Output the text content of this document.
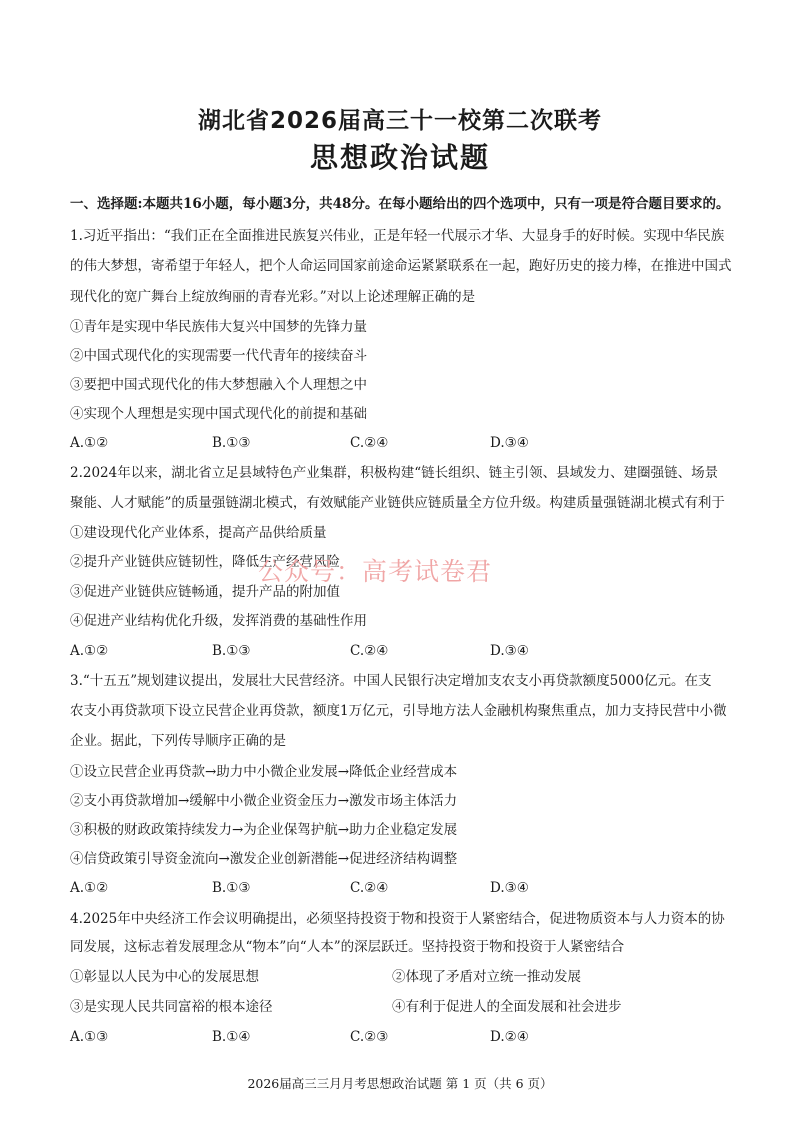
湖北省2026届高三十一校第二次联考
思想政治试题
一、选择题:本题共16小题，每小题3分，共48分。在每小题给出的四个选项中，只有一项是符合题目要求的。
1.习近平指出：“我们正在全面推进民族复兴伟业，正是年轻一代展示才华、大显身手的好时候。实现中华民族
的伟大梦想，寄希望于年轻人，把个人命运同国家前途命运紧紧联系在一起，跑好历史的接力棒，在推进中国式
现代化的宽广舞台上绽放绚丽的青春光彩。”对以上论述理解正确的是
①青年是实现中华民族伟大复兴中国梦的先锋力量
②中国式现代化的实现需要一代代青年的接续奋斗
③要把中国式现代化的伟大梦想融入个人理想之中
④实现个人理想是实现中国式现代化的前提和基础
A.①②	B.①③	C.②④	D.③④
2.2024年以来，湖北省立足县域特色产业集群，积极构建“链长组织、链主引领、县域发力、建圈强链、场景
聚能、人才赋能”的质量强链湖北模式，有效赋能产业链供应链质量全方位升级。构建质量强链湖北模式有利于
①建设现代化产业体系，提高产品供给质量
②提升产业链供应链韧性，降低生产经营风险
③促进产业链供应链畅通，提升产品的附加值
④促进产业结构优化升级，发挥消费的基础性作用
A.①②	B.①③	C.②④	D.③④
3.“十五五”规划建议提出，发展壮大民营经济。中国人民银行决定增加支农支小再贷款额度5000亿元。在支
农支小再贷款项下设立民营企业再贷款，额度1万亿元，引导地方法人金融机构聚焦重点，加力支持民营中小微
企业。据此，下列传导顺序正确的是
①设立民营企业再贷款→助力中小微企业发展→降低企业经营成本
②支小再贷款增加→缓解中小微企业资金压力→激发市场主体活力
③积极的财政政策持续发力→为企业保驾护航→助力企业稳定发展
④信贷政策引导资金流向→激发企业创新潜能→促进经济结构调整
A.①②	B.①③	C.②④	D.③④
4.2025年中央经济工作会议明确提出，必须坚持投资于物和投资于人紧密结合，促进物质资本与人力资本的协
同发展，这标志着发展理念从“物本”向“人本”的深层跃迁。坚持投资于物和投资于人紧密结合
①彰显以人民为中心的发展思想	②体现了矛盾对立统一推动发展
③是实现人民共同富裕的根本途径	④有利于促进人的全面发展和社会进步
A.①③	B.①④	C.②③	D.②④
公众号：高考试卷君
2026届高三三月月考思想政治试题 第 1 页（共 6 页）
